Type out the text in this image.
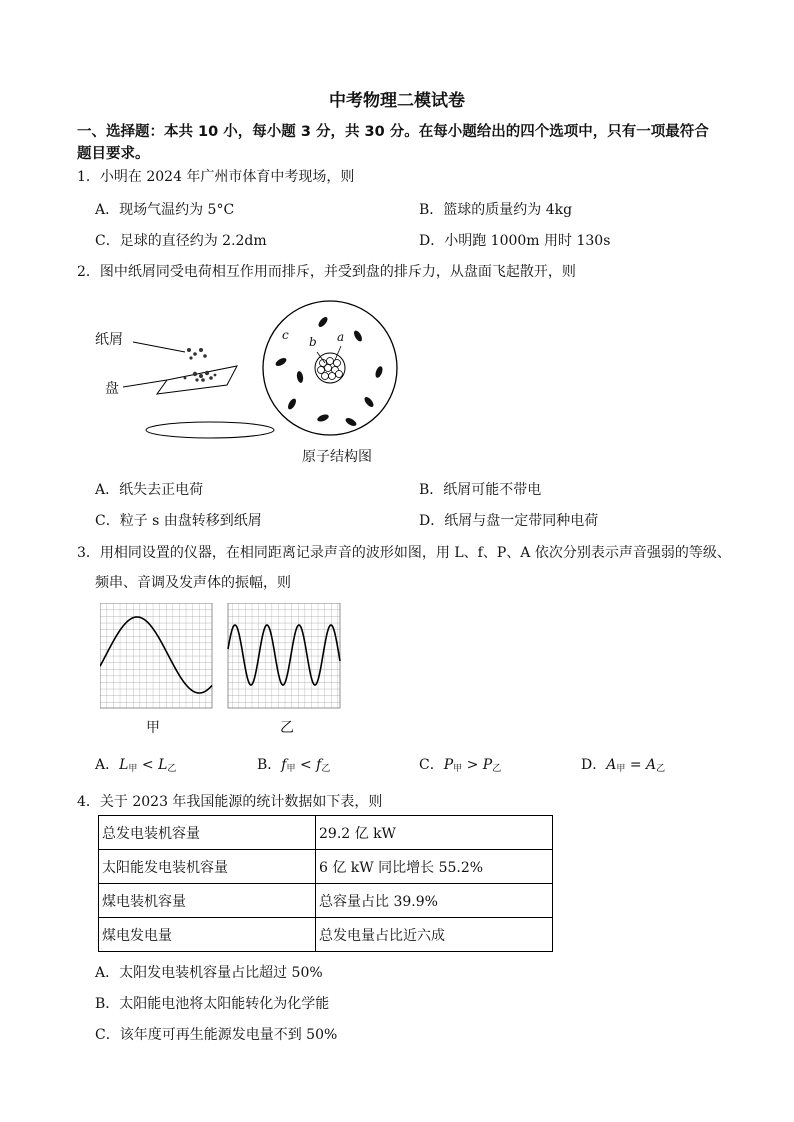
中考物理二模试卷
一、选择题：本共 10 小，每小题 3 分，共 30 分。在每小题给出的四个选项中，只有一项最符合
题目要求。
1．小明在 2024 年广州市体育中考现场，则
A．现场气温约为 5°C	B．篮球的质量约为 4kg
C．足球的直径约为 2.2dm	D．小明跑 1000m 用时 130s
2．图中纸屑同受电荷相互作用而排斥，并受到盘的排斥力，从盘面飞起散开，则
纸屑
盘
原子结构图
c b a
A．纸失去正电荷	B．纸屑可能不带电
C．粒子 s 由盘转移到纸屑	D．纸屑与盘一定带同种电荷
3．用相同设置的仪器，在相同距离记录声音的波形如图，用 L、f、P、A 依次分别表示声音强弱的等级、
频串、音调及发声体的振幅，则
甲	乙
A．$L_甲 < L_乙$	B．$f_甲 < f_乙$	C．$P_甲 > P_乙$	D．$A_甲 = A_乙$
4．关于 2023 年我国能源的统计数据如下表，则
总发电装机容量	29.2 亿 kW
太阳能发电装机容量	6 亿 kW 同比增长 55.2%
煤电装机容量	总容量占比 39.9%
煤电发电量	总发电量占比近六成
A．太阳发电装机容量占比超过 50%
B．太阳能电池将太阳能转化为化学能
C．该年度可再生能源发电量不到 50%
